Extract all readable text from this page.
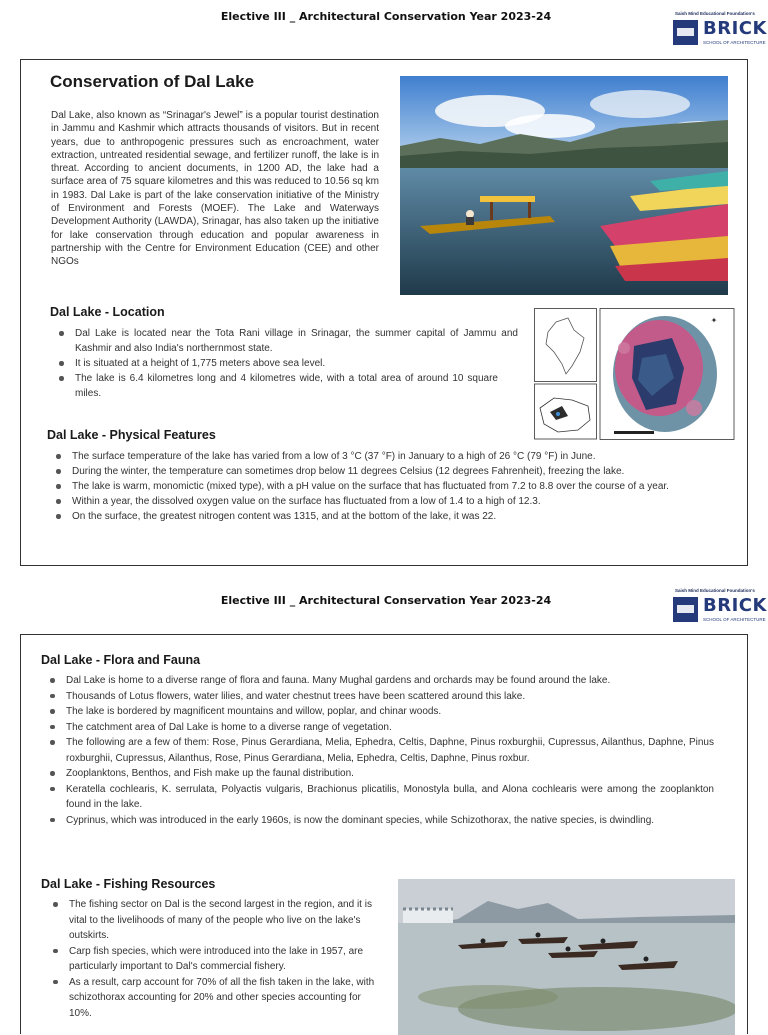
Elective III _ Architectural Conservation Year 2023-24	Saish Mind Educational Foundation's
BRICK
SCHOOL OF ARCHITECTURE
Conservation of Dal Lake

Dal Lake, also known as “Srinagar's Jewel” is a popular tourist destination in Jammu and Kashmir which attracts thousands of visitors. But in recent years, due to anthropogenic pressures such as encroachment, water extraction, untreated residential sewage, and fertilizer runoff, the lake is in threat. According to ancient documents, in 1200 AD, the lake had a surface area of 75 square kilometres and this was reduced to 10.56 sq km in 1983. Dal Lake is part of the lake conservation initiative of the Ministry of Environment and Forests (MOEF). The Lake and Waterways Development Authority (LAWDA), Srinagar, has also taken up the initiative for lake conservation through education and popular awareness in partnership with the Centre for Environment Education (CEE) and other NGOs

Dal Lake - Location
Dal Lake is located near the Tota Rani village in Srinagar, the summer capital of Jammu and Kashmir and also India's northernmost state.
It is situated at a height of 1,775 meters above sea level.
The lake is 6.4 kilometres long and 4 kilometres wide, with a total area of around 10 square miles.
✦
Dal Lake - Physical Features
The surface temperature of the lake has varied from a low of 3 °C (37 °F) in January to a high of 26 °C (79 °F) in June.
During the winter, the temperature can sometimes drop below 11 degrees Celsius (12 degrees Fahrenheit), freezing the lake.
The lake is warm, monomictic (mixed type), with a pH value on the surface that has fluctuated from 7.2 to 8.8 over the course of a year.
Within a year, the dissolved oxygen value on the surface has fluctuated from a low of 1.4 to a high of 12.3.
On the surface, the greatest nitrogen content was 1315, and at the bottom of the lake, it was 22.
Elective III _ Architectural Conservation Year 2023-24
Saish Mind Educational Foundation's
BRICK
SCHOOL OF ARCHITECTURE
Dal Lake - Flora and Fauna
Dal Lake is home to a diverse range of flora and fauna. Many Mughal gardens and orchards may be found around the lake.
Thousands of Lotus flowers, water lilies, and water chestnut trees have been scattered around this lake.
The lake is bordered by magnificent mountains and willow, poplar, and chinar woods.
The catchment area of Dal Lake is home to a diverse range of vegetation.
The following are a few of them: Rose, Pinus Gerardiana, Melia, Ephedra, Celtis, Daphne, Pinus roxburghii, Cupressus, Ailanthus, Daphne, Pinus roxburghii, Cupressus, Ailanthus, Rose, Pinus Gerardiana, Melia, Ephedra, Celtis, Daphne, Pinus roxbur.
Zooplanktons, Benthos, and Fish make up the faunal distribution.
Keratella cochlearis, K. serrulata, Polyactis vulgaris, Brachionus plicatilis, Monostyla bulla, and Alona cochlearis were among the zooplankton found in the lake.
Cyprinus, which was introduced in the early 1960s, is now the dominant species, while Schizothorax, the native species, is dwindling.
Dal Lake - Fishing Resources
The fishing sector on Dal is the second largest in the region, and it is vital to the livelihoods of many of the people who live on the lake's outskirts.
Carp fish species, which were introduced into the lake in 1957, are particularly important to Dal's commercial fishery.
As a result, carp account for 70% of all the fish taken in the lake, with schizothorax accounting for 20% and other species accounting for 10%.
